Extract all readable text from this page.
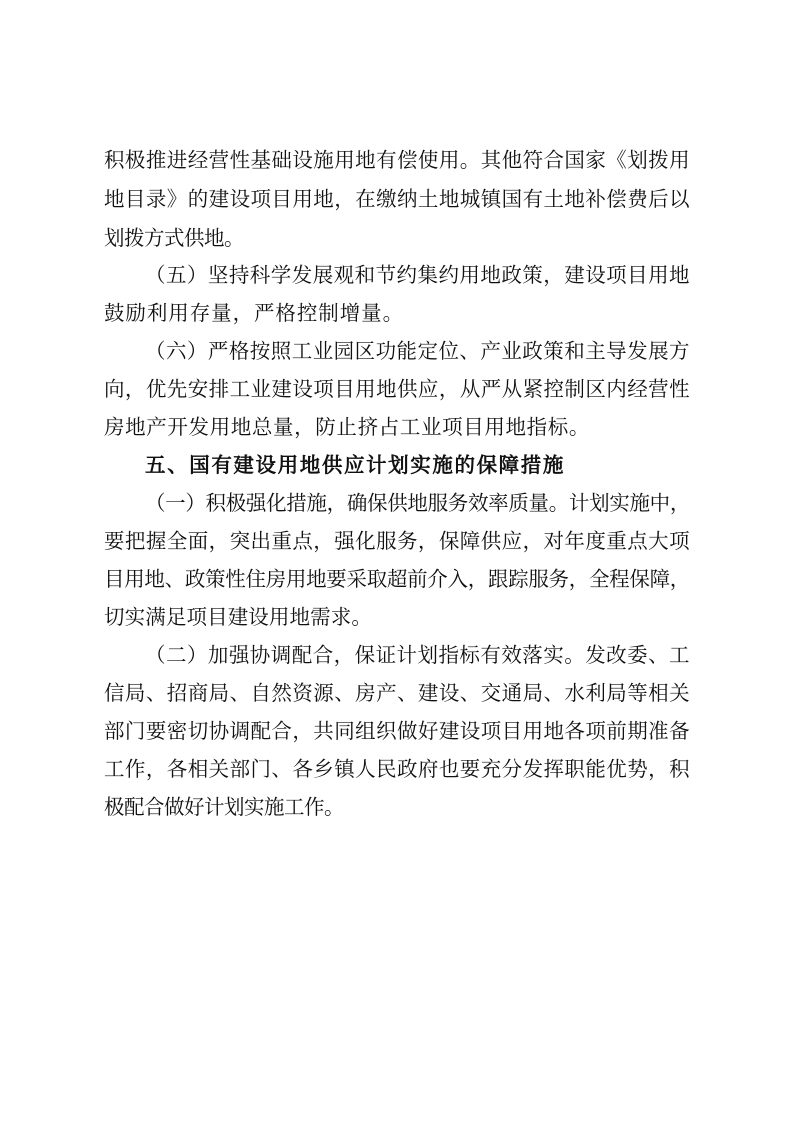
积极推进经营性基础设施用地有偿使用。其他符合国家《划拨用
地目录》的建设项目用地，在缴纳土地城镇国有土地补偿费后以
划拨方式供地。
（五）坚持科学发展观和节约集约用地政策，建设项目用地
鼓励利用存量，严格控制增量。
（六）严格按照工业园区功能定位、产业政策和主导发展方
向，优先安排工业建设项目用地供应，从严从紧控制区内经营性
房地产开发用地总量，防止挤占工业项目用地指标。
五、国有建设用地供应计划实施的保障措施
（一）积极强化措施，确保供地服务效率质量。计划实施中，
要把握全面，突出重点，强化服务，保障供应，对年度重点大项
目用地、政策性住房用地要采取超前介入，跟踪服务，全程保障，
切实满足项目建设用地需求。
（二）加强协调配合，保证计划指标有效落实。发改委、工
信局、招商局、自然资源、房产、建设、交通局、水利局等相关
部门要密切协调配合，共同组织做好建设项目用地各项前期准备
工作，各相关部门、各乡镇人民政府也要充分发挥职能优势，积
极配合做好计划实施工作。
